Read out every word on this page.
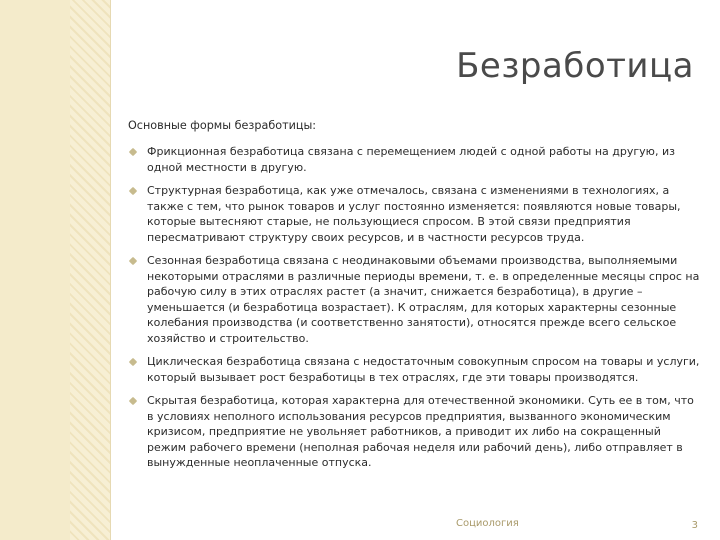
Безработица

Основные формы безработицы:

Фрикционная безработица связана с перемещением людей с одной работы на другую, из одной местности в другую.
Структурная безработица, как уже отмечалось, связана с изменениями в технологиях, а также с тем, что рынок товаров и услуг постоянно изменяется: появляются новые товары, которые вытесняют старые, не пользующиеся спросом. В этой связи предприятия пересматривают структуру своих ресурсов, и в частности ресурсов труда.
Сезонная безработица связана с неодинаковыми объемами производства, выполняемыми некоторыми отраслями в различные периоды времени, т. е. в определенные месяцы спрос на рабочую силу в этих отраслях растет (а значит, снижается безработица), в другие – уменьшается (и безработица возрастает). К отраслям, для которых характерны сезонные колебания производства (и соответственно занятости), относятся прежде всего сельское хозяйство и строительство.
Циклическая безработица связана с недостаточным совокупным спросом на товары и услуги, который вызывает рост безработицы в тех отраслях, где эти товары производятся.
Скрытая безработица, которая характерна для отечественной экономики. Суть ее в том, что в условиях неполного использования ресурсов предприятия, вызванного экономическим кризисом, предприятие не увольняет работников, а приводит их либо на сокращенный режим рабочего времени (неполная рабочая неделя или рабочий день), либо отправляет в вынужденные неоплаченные отпуска.
Социология	3
